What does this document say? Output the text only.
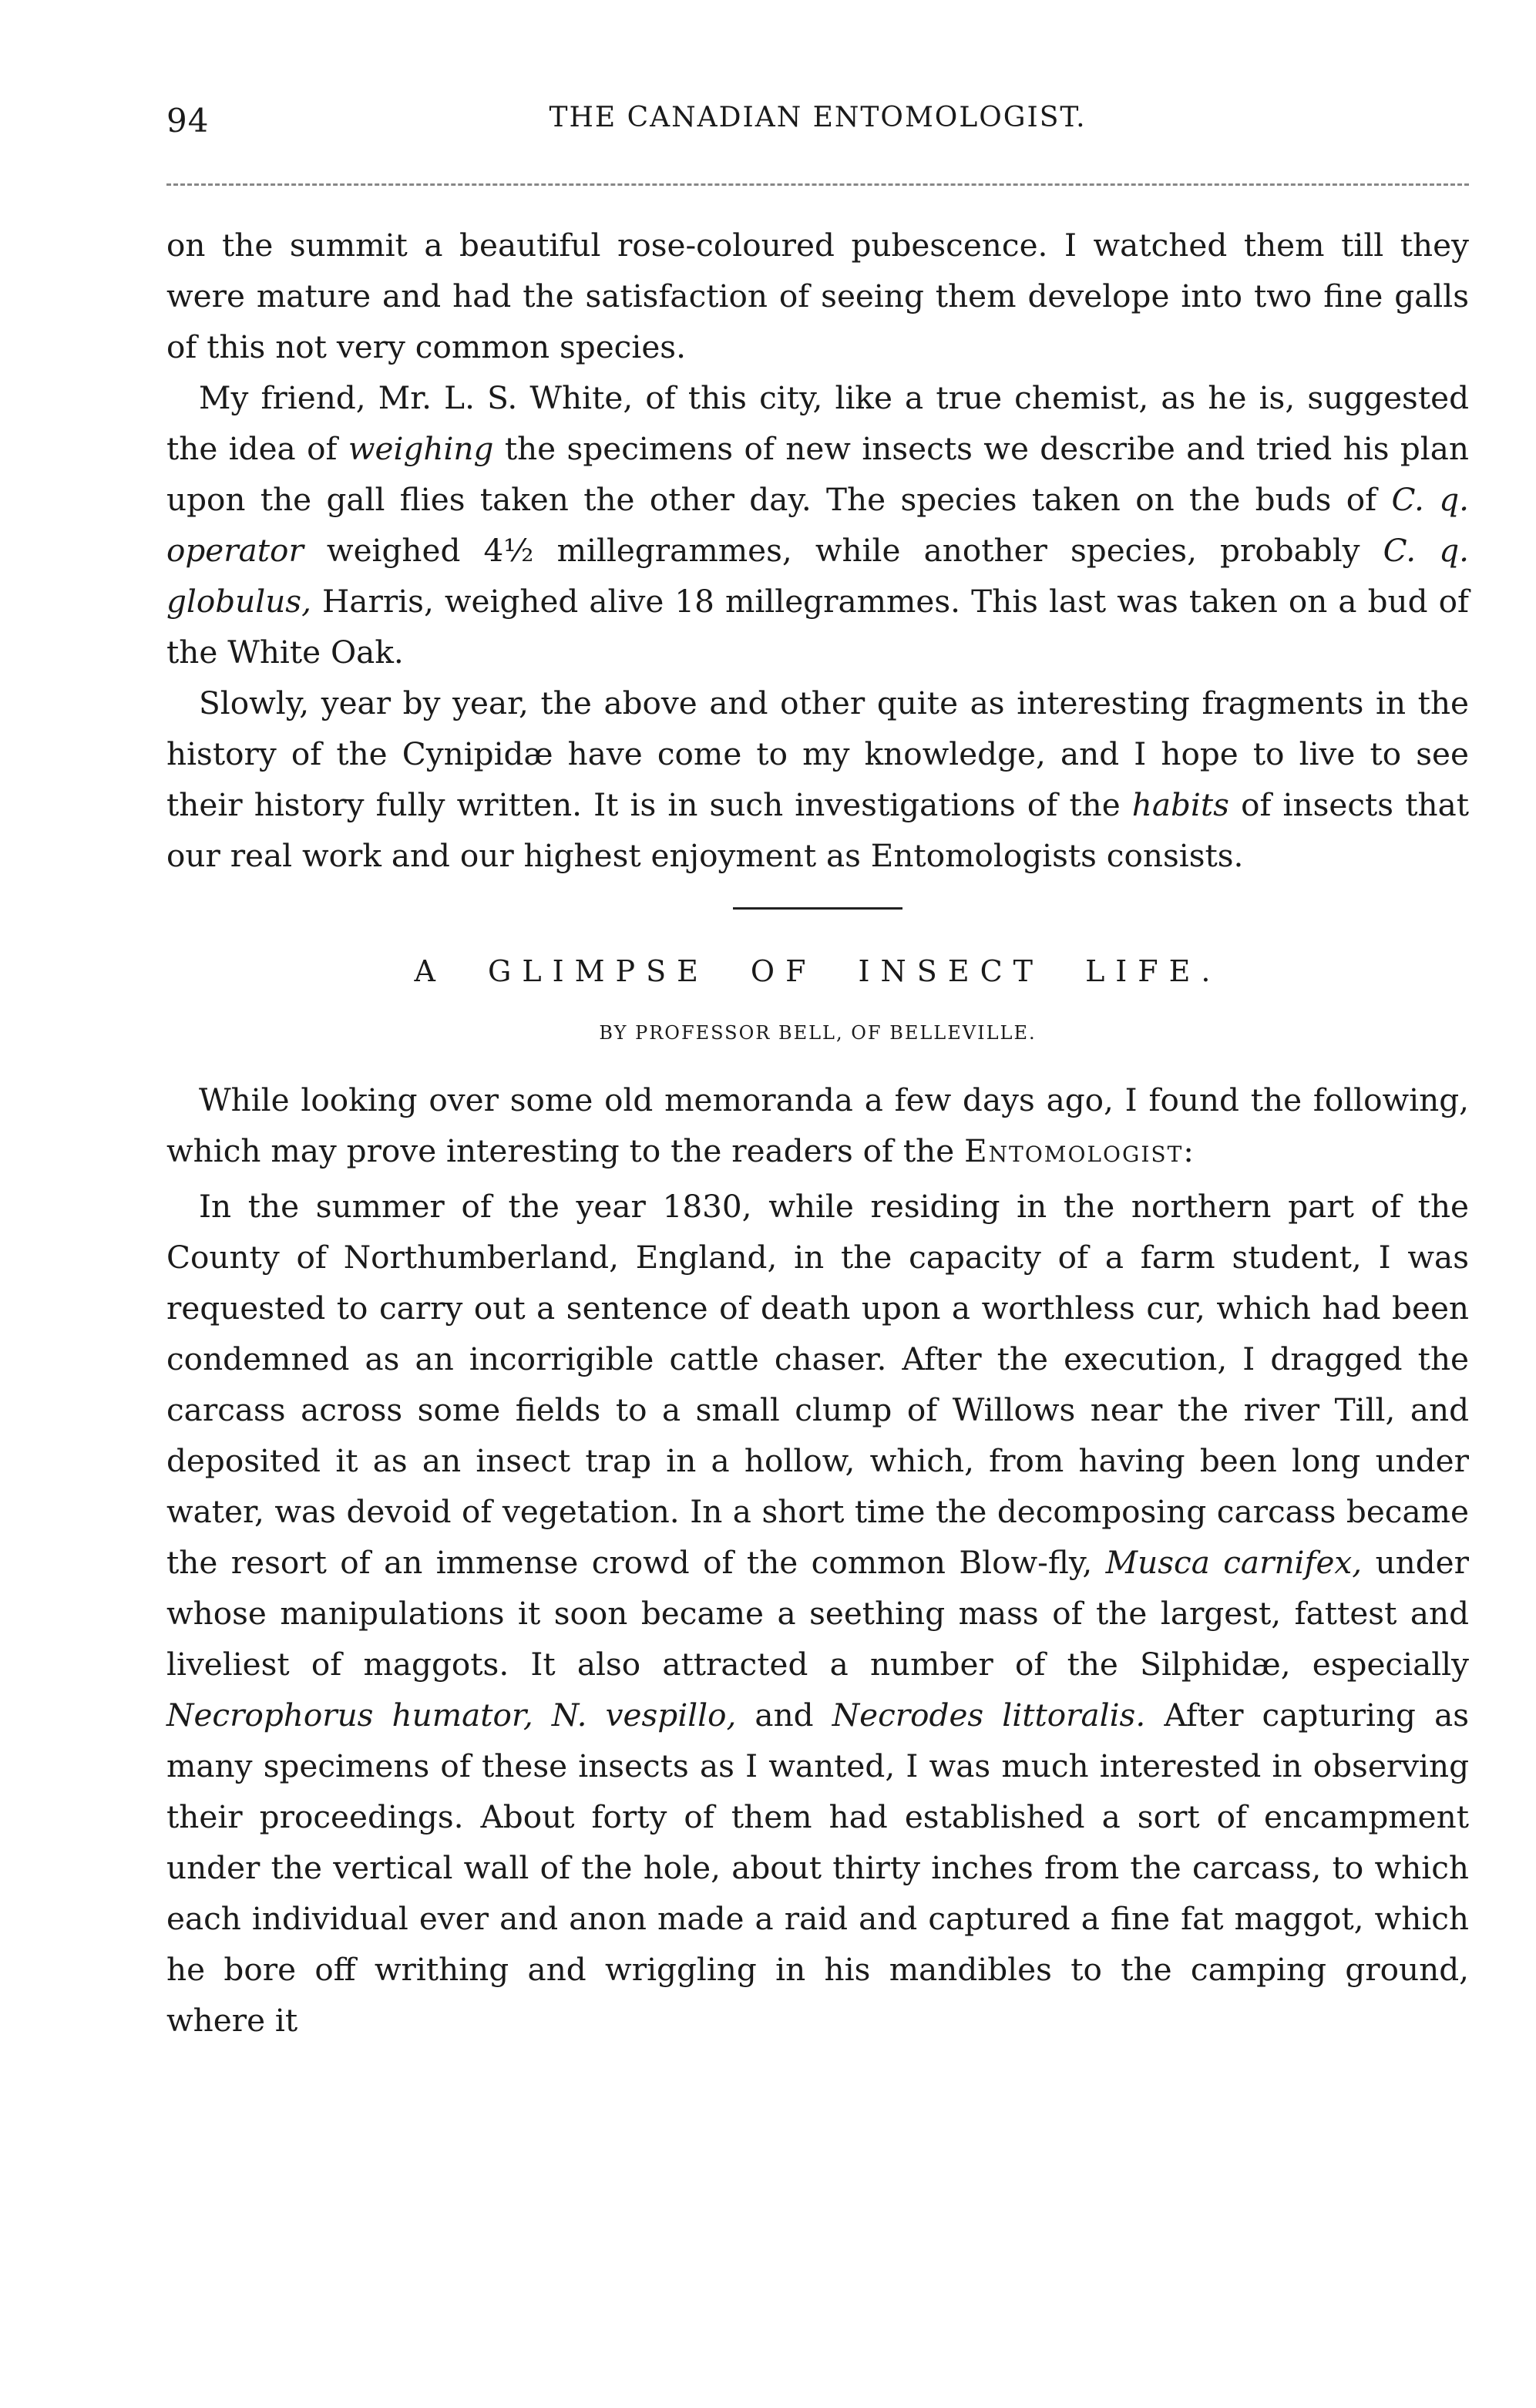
94	THE CANADIAN ENTOMOLOGIST.

on the summit a beautiful rose-coloured pubescence. I watched them till they were mature and had the satisfaction of seeing them develope into two fine galls of this not very common species.

My friend, Mr. L. S. White, of this city, like a true chemist, as he is, suggested the idea of weighing the specimens of new insects we describe and tried his plan upon the gall flies taken the other day. The species taken on the buds of C. q. operator weighed 4½ millegrammes, while another species, probably C. q. globulus, Harris, weighed alive 18 millegrammes. This last was taken on a bud of the White Oak.

Slowly, year by year, the above and other quite as interesting fragments in the history of the Cynipidæ have come to my knowledge, and I hope to live to see their history fully written. It is in such investigations of the habits of insects that our real work and our highest enjoyment as Entomologists consists.

A GLIMPSE OF INSECT LIFE.
BY PROFESSOR BELL, OF BELLEVILLE.

While looking over some old memoranda a few days ago, I found the following, which may prove interesting to the readers of the Entomologist:

In the summer of the year 1830, while residing in the northern part of the County of Northumberland, England, in the capacity of a farm student, I was requested to carry out a sentence of death upon a worthless cur, which had been condemned as an incorrigible cattle chaser. After the execution, I dragged the carcass across some fields to a small clump of Willows near the river Till, and deposited it as an insect trap in a hollow, which, from having been long under water, was devoid of vegetation. In a short time the decomposing carcass became the resort of an immense crowd of the common Blow-fly, Musca carnifex, under whose manipulations it soon became a seething mass of the largest, fattest and liveliest of maggots. It also attracted a number of the Silphidæ, especially Necrophorus humator, N. vespillo, and Necrodes littoralis. After capturing as many specimens of these insects as I wanted, I was much interested in observing their proceedings. About forty of them had established a sort of encampment under the vertical wall of the hole, about thirty inches from the carcass, to which each individual ever and anon made a raid and captured a fine fat maggot, which he bore off writhing and wriggling in his mandibles to the camping ground, where it
